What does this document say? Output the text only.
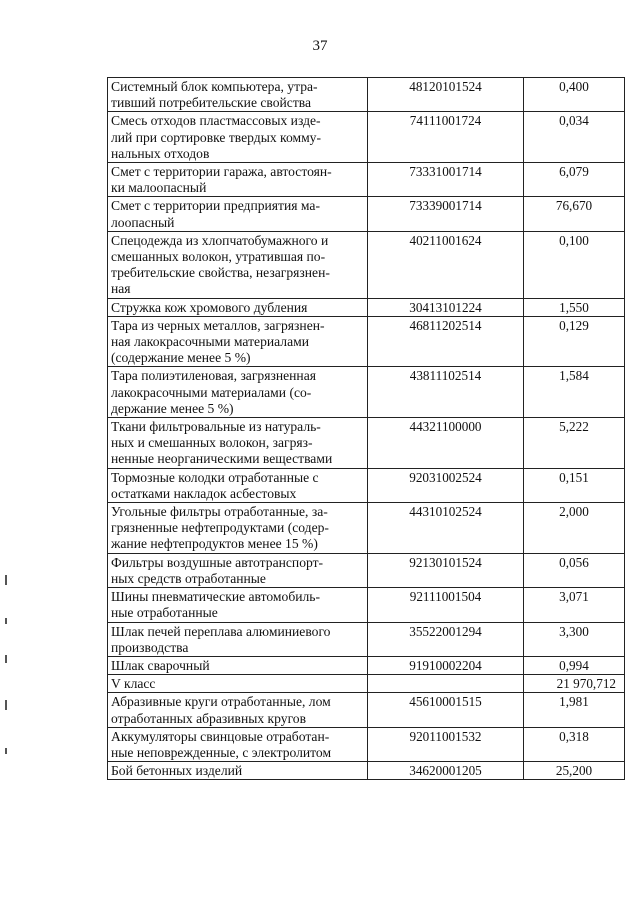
37
Системный блок компьютера, утра-
тивший потребительские свойства	48120101524	0,400

Смесь отходов пластмассовых изде-
лий при сортировке твердых комму-
нальных отходов	74111001724	0,034

Смет с территории гаража, автостоян-
ки малоопасный	73331001714	6,079

Смет с территории предприятия ма-
лоопасный	73339001714	76,670

Спецодежда из хлопчатобумажного и
смешанных волокон, утратившая по-
требительские свойства, незагрязнен-
ная	40211001624	0,100

Стружка кож хромового дубления	30413101224	1,550

Тара из черных металлов, загрязнен-
ная лакокрасочными материалами
(содержание менее 5 %)	46811202514	0,129

Тара полиэтиленовая, загрязненная
лакокрасочными материалами (со-
держание менее 5 %)	43811102514	1,584

Ткани фильтровальные из натураль-
ных и смешанных волокон, загряз-
ненные неорганическими веществами	44321100000	5,222

Тормозные колодки отработанные с
остатками накладок асбестовых	92031002524	0,151

Угольные фильтры отработанные, за-
грязненные нефтепродуктами (содер-
жание нефтепродуктов менее 15 %)	44310102524	2,000

Фильтры воздушные автотранспорт-
ных средств отработанные	92130101524	0,056

Шины пневматические автомобиль-
ные отработанные	92111001504	3,071

Шлак печей переплава алюминиевого
производства	35522001294	3,300

Шлак сварочный	91910002204	0,994

V класс		21 970,712

Абразивные круги отработанные, лом
отработанных абразивных кругов	45610001515	1,981

Аккумуляторы свинцовые отработан-
ные неповрежденные, с электролитом	92011001532	0,318

Бой бетонных изделий	34620001205	25,200
